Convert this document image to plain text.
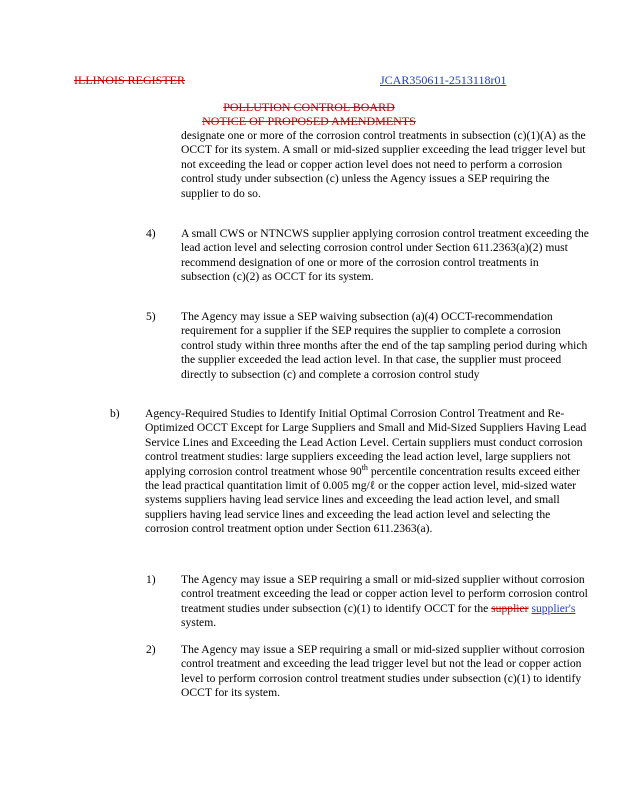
ILLINOIS REGISTER	JCAR350611-2513118r01
POLLUTION CONTROL BOARD
NOTICE OF PROPOSED AMENDMENTS

designate one or more of the corrosion control treatments in subsection (c)(1)(A) as the OCCT for its system. A small or mid-sized supplier exceeding the lead trigger level but not exceeding the lead or copper action level does not need to perform a corrosion control study under subsection (c) unless the Agency issues a SEP requiring the supplier to do so.

4) A small CWS or NTNCWS supplier applying corrosion control treatment exceeding the lead action level and selecting corrosion control under Section 611.2363(a)(2) must recommend designation of one or more of the corrosion control treatments in subsection (c)(2) as OCCT for its system.

5) The Agency may issue a SEP waiving subsection (a)(4) OCCT-recommendation requirement for a supplier if the SEP requires the supplier to complete a corrosion control study within three months after the end of the tap sampling period during which the supplier exceeded the lead action level. In that case, the supplier must proceed directly to subsection (c) and complete a corrosion control study

b) Agency-Required Studies to Identify Initial Optimal Corrosion Control Treatment and Re-Optimized OCCT Except for Large Suppliers and Small and Mid-Sized Suppliers Having Lead Service Lines and Exceeding the Lead Action Level. Certain suppliers must conduct corrosion control treatment studies: large suppliers exceeding the lead action level, large suppliers not applying corrosion control treatment whose 90th percentile concentration results exceed either the lead practical quantitation limit of 0.005 mg/ℓ or the copper action level, mid-sized water systems suppliers having lead service lines and exceeding the lead action level, and small suppliers having lead service lines and exceeding the lead action level and selecting the corrosion control treatment option under Section 611.2363(a).

1) The Agency may issue a SEP requiring a small or mid-sized supplier without corrosion control treatment exceeding the lead or copper action level to perform corrosion control treatment studies under subsection (c)(1) to identify OCCT for the supplier supplier's system.

2) The Agency may issue a SEP requiring a small or mid-sized supplier without corrosion control treatment and exceeding the lead trigger level but not the lead or copper action level to perform corrosion control treatment studies under subsection (c)(1) to identify OCCT for its system.
